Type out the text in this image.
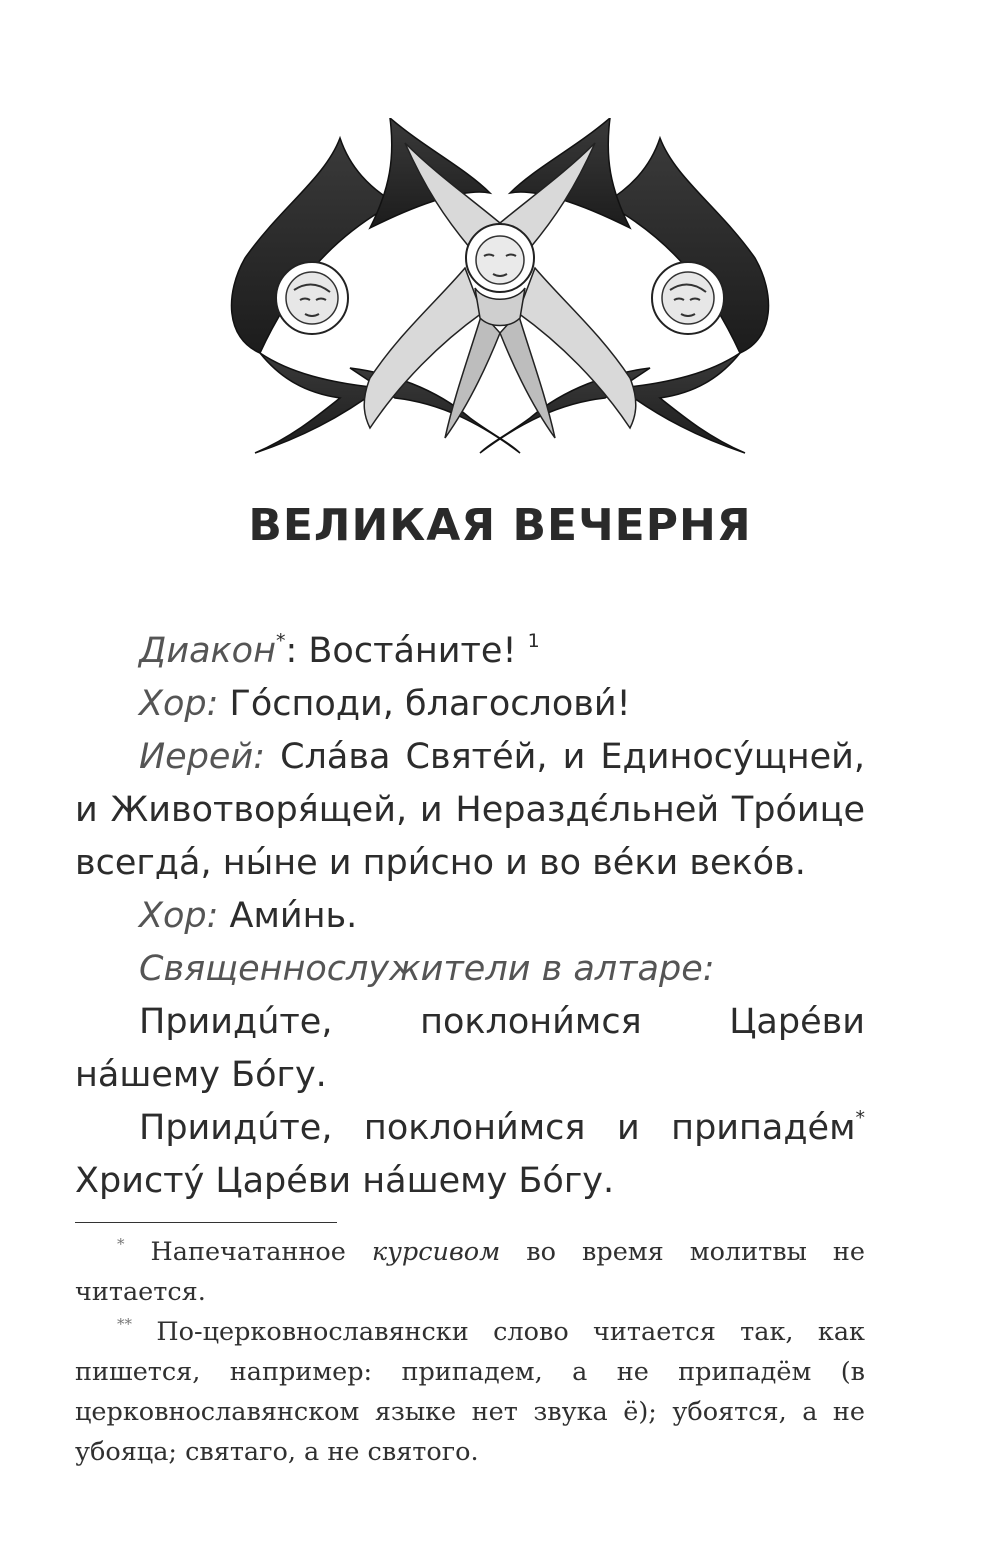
ВЕЛИКАЯ ВЕЧЕРНЯ

Диакон*: Воста́ните! $^1$

Хор: Го́споди, благослови́!

Иерей: Сла́ва Святе́й, и Единосу́щней, и Животворя́щей, и Нераздє́льней Тро́ице всегда́, ны́не и при́сно и во ве́ки веко́в.

Хор: Ами́нь.

Священнослужители в алтаре:

Приидúте, поклони́мся Царе́ви на́шему Бо́гу.

Приидúте, поклони́мся и припаде́м* Христу́ Царе́ви на́шему Бо́гу.

* Напечатанное курсивом во время молитвы не читается.

** По-церковнославянски слово читается так, как пишется, например: припадем, а не припадём (в церковнославянском языке нет звука ё); убоятся, а не убояца; святаго, а не святого.
